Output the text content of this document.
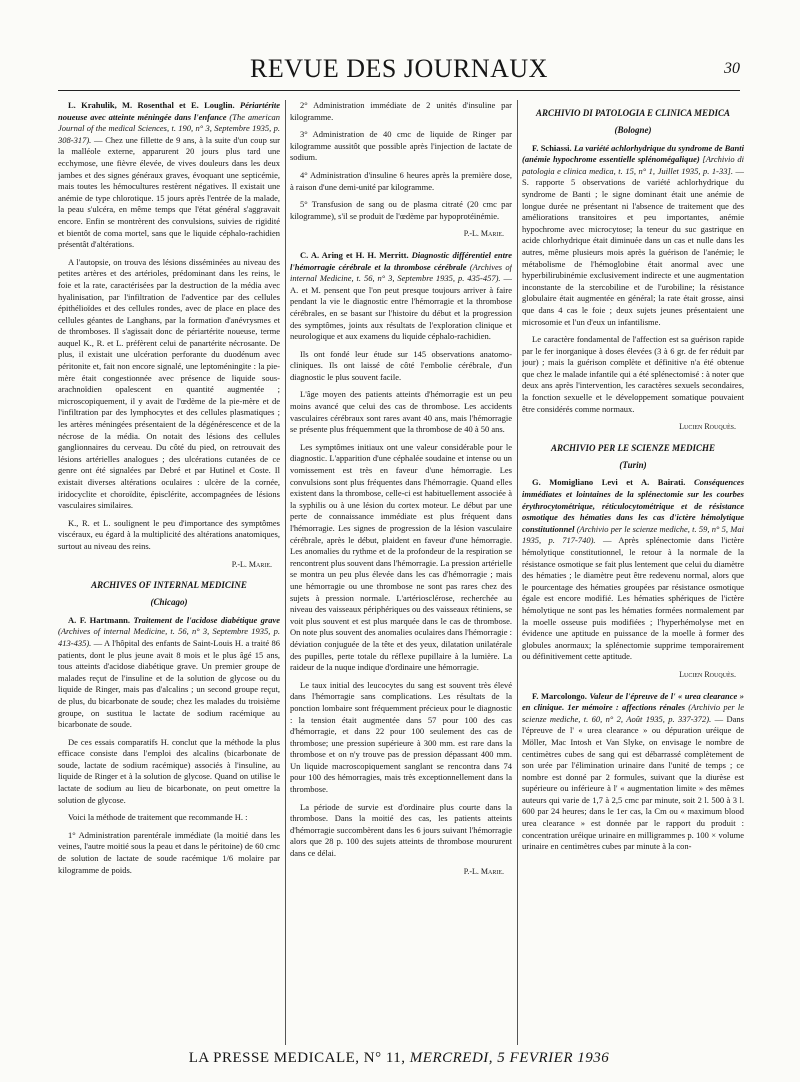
REVUE DES JOURNAUX	30

L. Krahulik, M. Rosenthal et E. Louglin. Périartérite noueuse avec atteinte méningée dans l'enfance (The american Journal of the medical Sciences, t. 190, n° 3, Septembre 1935, p. 308-317). — Chez une fillette de 9 ans, à la suite d'un coup sur la malléole externe, apparurent 20 jours plus tard une ecchymose, une fièvre élevée, de vives douleurs dans les deux jambes et des signes généraux graves, évoquant une septicémie, mais toutes les hémocultures restèrent négatives. Il existait une anémie de type chlorotique. 15 jours après l'entrée de la malade, la peau s'ulcéra, en même temps que l'état général s'aggravait encore. Enfin se montrèrent des convulsions, suivies de rigidité et bientôt de coma mortel, sans que le liquide céphalo-rachidien présentât d'altérations.

A l'autopsie, on trouva des lésions disséminées au niveau des petites artères et des artérioles, prédominant dans les reins, le foie et la rate, caractérisées par la destruction de la média avec hyalinisation, par l'infiltration de l'adventice par des cellules épithélioïdes et des cellules rondes, avec de place en place des cellules géantes de Langhans, par la formation d'anévrysmes et de thromboses. Il s'agissait donc de périartérite noueuse, terme auquel K., R. et L. préfèrent celui de panartérite nécrosante. De plus, il existait une ulcération perforante du duodénum avec péritonite et, fait non encore signalé, une leptoméningite : la pie-mère était congestionnée avec présence de liquide sous-arachnoïdien opalescent en quantité augmentée ; microscopiquement, il y avait de l'œdème de la pie-mère et de l'infiltration par des lymphocytes et des cellules plasmatiques ; les artères méningées présentaient de la dégénérescence et de la nécrose de la média. On notait des lésions des cellules ganglionnaires du cerveau. Du côté du pied, on retrouvait des lésions artérielles analogues ; des ulcérations cutanées de ce genre ont été signalées par Debré et par Hutinel et Coste. Il existait diverses altérations oculaires : ulcère de la cornée, iridocyclite et choroïdite, épisclérite, accompagnées de lésions vasculaires similaires.

K., R. et L. soulignent le peu d'importance des symptômes viscéraux, eu égard à la multiplicité des altérations anatomiques, surtout au niveau des reins.

P.-L. Marie.
ARCHIVES OF INTERNAL MEDICINE
(Chicago)

A. F. Hartmann. Traitement de l'acidose diabétique grave (Archives of internal Medicine, t. 56, n° 3, Septembre 1935, p. 413-435). — A l'hôpital des enfants de Saint-Louis H. a traité 86 patients, dont le plus jeune avait 8 mois et le plus âgé 15 ans, tous atteints d'acidose diabétique grave. Un premier groupe de malades reçut de l'insuline et de la solution de glycose ou du liquide de Ringer, mais pas d'alcalins ; un second groupe reçut, de plus, du bicarbonate de soude; chez les malades du troisième groupe, on sustitua le lactate de sodium racémique au bicarbonate de soude.

De ces essais comparatifs H. conclut que la méthode la plus efficace consiste dans l'emploi des alcalins (bicarbonate de soude, lactate de sodium racémique) associés à l'insuline, au liquide de Ringer et à la solution de glycose. Quand on utilise le lactate de sodium au lieu de bicarbonate, on peut omettre la solution de glycose.

Voici la méthode de traitement que recommande H. :

1° Administration parentérale immédiate (la moitié dans les veines, l'autre moitié sous la peau et dans le péritoine) de 60 cmc de solution de lactate de soude racémique 1/6 molaire par kilogramme de poids.

2° Administration immédiate de 2 unités d'insuline par kilogramme.

3° Administration de 40 cmc de liquide de Ringer par kilogramme aussitôt que possible après l'injection de lactate de sodium.

4° Administration d'insuline 6 heures après la première dose, à raison d'une demi-unité par kilogramme.

5° Transfusion de sang ou de plasma citraté (20 cmc par kilogramme), s'il se produit de l'œdème par hypoprotéinémie.

P.-L. Marie.

C. A. Aring et H. H. Merritt. Diagnostic différentiel entre l'hémorragie cérébrale et la thrombose cérébrale (Archives of internal Medicine, t. 56, n° 3, Septembre 1935, p. 435-457). — A. et M. pensent que l'on peut presque toujours arriver à faire pendant la vie le diagnostic entre l'hémorragie et la thrombose cérébrales, en se basant sur l'histoire du début et la progression des symptômes, joints aux résultats de l'exploration clinique et neurologique et aux examens du liquide céphalo-rachidien.

Ils ont fondé leur étude sur 145 observations anatomo-cliniques. Ils ont laissé de côté l'embolie cérébrale, d'un diagnostic le plus souvent facile.

L'âge moyen des patients atteints d'hémorragie est un peu moins avancé que celui des cas de thrombose. Les accidents vasculaires cérébraux sont rares avant 40 ans, mais l'hémorragie se présente plus fréquemment que la thrombose de 40 à 50 ans.

Les symptômes initiaux ont une valeur considérable pour le diagnostic. L'apparition d'une céphalée soudaine et intense ou un vomissement est très en faveur d'une hémorragie. Les convulsions sont plus fréquentes dans l'hémorragie. Quand elles existent dans la thrombose, celle-ci est habituellement associée à la syphilis ou à une lésion du cortex moteur. Le début par une perte de connaissance immédiate est plus fréquent dans l'hémorragie. Les signes de progression de la lésion vasculaire cérébrale, après le début, plaident en faveur d'une hémorragie. Les anomalies du rythme et de la profondeur de la respiration se rencontrent plus souvent dans l'hémorragie. La pression artérielle se montra un peu plus élevée dans les cas d'hémorragie ; mais une hémorragie ou une thrombose ne sont pas rares chez des sujets à pression normale. L'artériosclérose, recherchée au niveau des vaisseaux périphériques ou des vaisseaux rétiniens, se voit plus souvent et est plus marquée dans le cas de thrombose. On note plus souvent des anomalies oculaires dans l'hémorragie : déviation conjuguée de la tête et des yeux, dilatation unilatérale des pupilles, perte totale du réflexe pupillaire à la lumière. La raideur de la nuque indique d'ordinaire une hémorragie.

Le taux initial des leucocytes du sang est souvent très élevé dans l'hémorragie sans complications. Les résultats de la ponction lombaire sont fréquemment précieux pour le diagnostic : la tension était augmentée dans 57 pour 100 des cas d'hémorragie, et dans 22 pour 100 seulement des cas de thrombose; une pression supérieure à 300 mm. est rare dans la thrombose et on n'y trouve pas de pression dépassant 400 mm. Un liquide macroscopiquement sanglant se rencontra dans 74 pour 100 des hémorragies, mais très exceptionnellement dans la thrombose.

La période de survie est d'ordinaire plus courte dans la thrombose. Dans la moitié des cas, les patients atteints d'hémorragie succombèrent dans les 6 jours suivant l'hémorragie alors que 28 p. 100 des sujets atteints de thrombose moururent dans ce délai.

P.-L. Marie.
ARCHIVIO DI PATOLOGIA E CLINICA MEDICA
(Bologne)

F. Schiassi. La variété achlorhydrique du syndrome de Banti (anémie hypochrome essentielle splénomégalique) [Archivio di patologia e clinica medica, t. 15, n° 1, Juillet 1935, p. 1-33]. — S. rapporte 5 observations de variété achlorhydrique du syndrome de Banti ; le signe dominant était une anémie de longue durée ne présentant ni l'absence de traitement que des améliorations transitoires et peu importantes, anémie hypochrome avec microcytose; la teneur du suc gastrique en acide chlorhydrique était diminuée dans un cas et nulle dans les autres, même plusieurs mois après la guérison de l'anémie; le métabolisme de l'hémoglobine était anormal avec une hyperbilirubinémie exclusivement indirecte et une augmentation inconstante de la stercobiline et de l'urobiline; la résistance globulaire était augmentée en général; la rate était grosse, ainsi que dans 4 cas le foie ; deux sujets jeunes présentaient une microsomie et l'un d'eux un infantilisme.

Le caractère fondamental de l'affection est sa guérison rapide par le fer inorganique à doses élevées (3 à 6 gr. de fer réduit par jour) ; mais la guérison complète et définitive n'a été obtenue que chez le malade infantile qui a été splénectomisé : à noter que deux ans après l'intervention, les caractères sexuels secondaires, la fonction sexuelle et le développement somatique pouvaient être considérés comme normaux.

Lucien Rouquès.
ARCHIVIO PER LE SCIENZE MEDICHE
(Turin)

G. Momigliano Levi et A. Bairati. Conséquences immédiates et lointaines de la splénectomie sur les courbes érythrocytométrique, réticulocytométrique et de résistance osmotique des hématies dans les cas d'ictère hémolytique constitutionnel (Archivio per le scienze mediche, t. 59, n° 5, Mai 1935, p. 717-740). — Après splénectomie dans l'ictère hémolytique constitutionnel, le retour à la normale de la résistance osmotique se fait plus lentement que celui du diamètre des hématies ; le diamètre peut être redevenu normal, alors que le pourcentage des hématies groupées par résistance osmotique égale est encore modifié. Les hématies sphériques de l'ictère hémolytique ne sont pas les hématies formées normalement par la moelle osseuse puis modifiées ; l'hyperhémolyse met en évidence une aptitude en puissance de la moelle à former des globules anormaux; la splénectomie supprime temporairement ou définitivement cette aptitude.

Lucien Rouquès.

F. Marcolongo. Valeur de l'épreuve de l' « urea clearance » en clinique. 1er mémoire : affections rénales (Archivio per le scienze mediche, t. 60, n° 2, Août 1935, p. 337-372). — Dans l'épreuve de l' « urea clearance » ou dépuration uréique de Möller, Mac Intosh et Van Slyke, on envisage le nombre de centimètres cubes de sang qui est débarrassé complètement de son urée par l'élimination urinaire dans l'unité de temps ; ce nombre est donné par 2 formules, suivant que la diurèse est supérieure ou inférieure à l' « augmentation limite » des mêmes auteurs qui varie de 1,7 à 2,5 cmc par minute, soit 2 l. 500 à 3 l. 600 par 24 heures; dans le 1er cas, la Cm ou « maximum blood urea clearance » est donnée par le rapport du produit : concentration uréique urinaire en milligrammes p. 100 × volume urinaire en centimètres cubes par minute à la con-

LA PRESSE MEDICALE, N° 11, MERCREDI, 5 FEVRIER 1936
